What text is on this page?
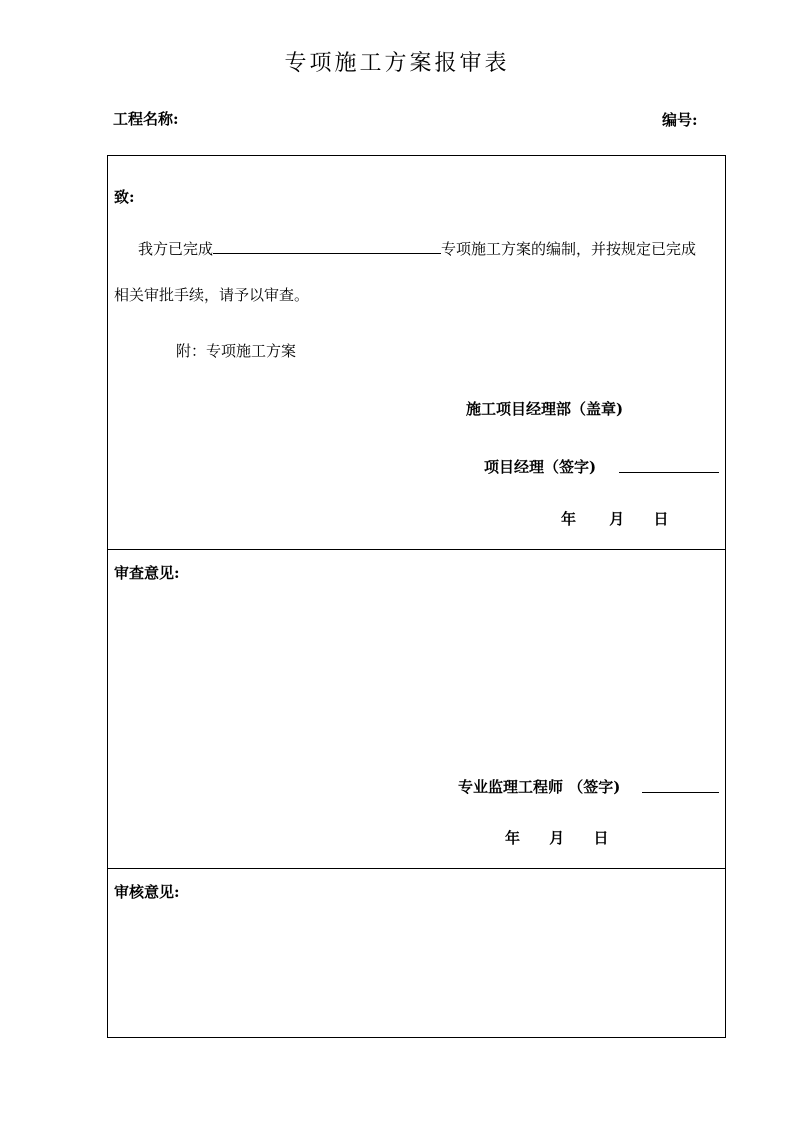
专项施工方案报审表
工程名称:	编号:
致:
我方已完成	专项施工方案的编制，并按规定已完成
相关审批手续，请予以审查。
附：专项施工方案
施工项目经理部（盖章)
项目经理（签字)
年 月 日
审查意见:
专业监理工程师 （签字)
年 月 日
审核意见:
